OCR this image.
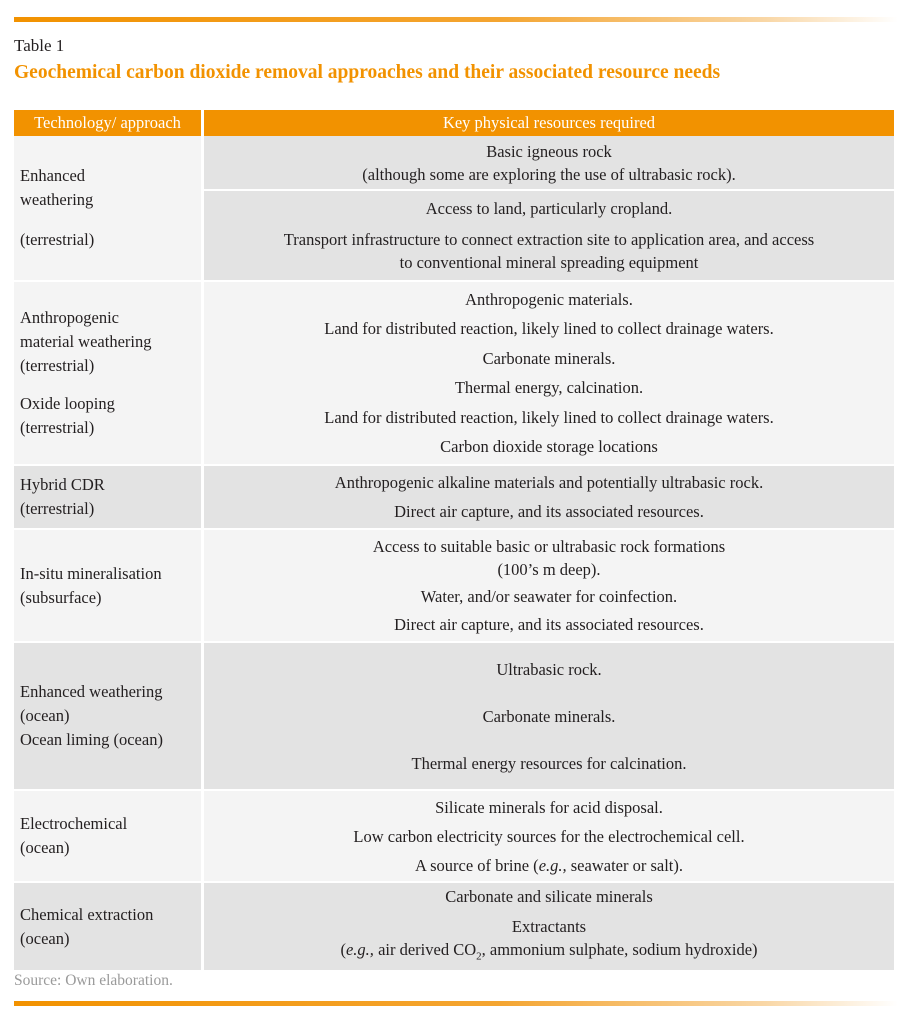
Table 1
Geochemical carbon dioxide removal approaches and their associated resource needs
Technology/ approach	Key physical resources required
Enhanced
weathering
(terrestrial)
Basic igneous rock
(although some are exploring the use of ultrabasic rock).
Access to land, particularly cropland.
Transport infrastructure to connect extraction site to application area, and access
to conventional mineral spreading equipment
Anthropogenic
material weathering
(terrestrial)
Oxide looping
(terrestrial)
Anthropogenic materials.
Land for distributed reaction, likely lined to collect drainage waters.
Carbonate minerals.
Thermal energy, calcination.
Land for distributed reaction, likely lined to collect drainage waters.
Carbon dioxide storage locations
Hybrid CDR
(terrestrial)
Anthropogenic alkaline materials and potentially ultrabasic rock.
Direct air capture, and its associated resources.
In-situ mineralisation
(subsurface)
Access to suitable basic or ultrabasic rock formations
(100’s m deep).
Water, and/or seawater for coinfection.
Direct air capture, and its associated resources.
Enhanced weathering
(ocean)
Ocean liming (ocean)
Ultrabasic rock.
Carbonate minerals.
Thermal energy resources for calcination.
Electrochemical
(ocean)
Silicate minerals for acid disposal.
Low carbon electricity sources for the electrochemical cell.
A source of brine (e.g., seawater or salt).
Chemical extraction
(ocean)
Carbonate and silicate minerals
Extractants
(e.g., air derived $CO_2$, ammonium sulphate, sodium hydroxide)
Source: Own elaboration.
